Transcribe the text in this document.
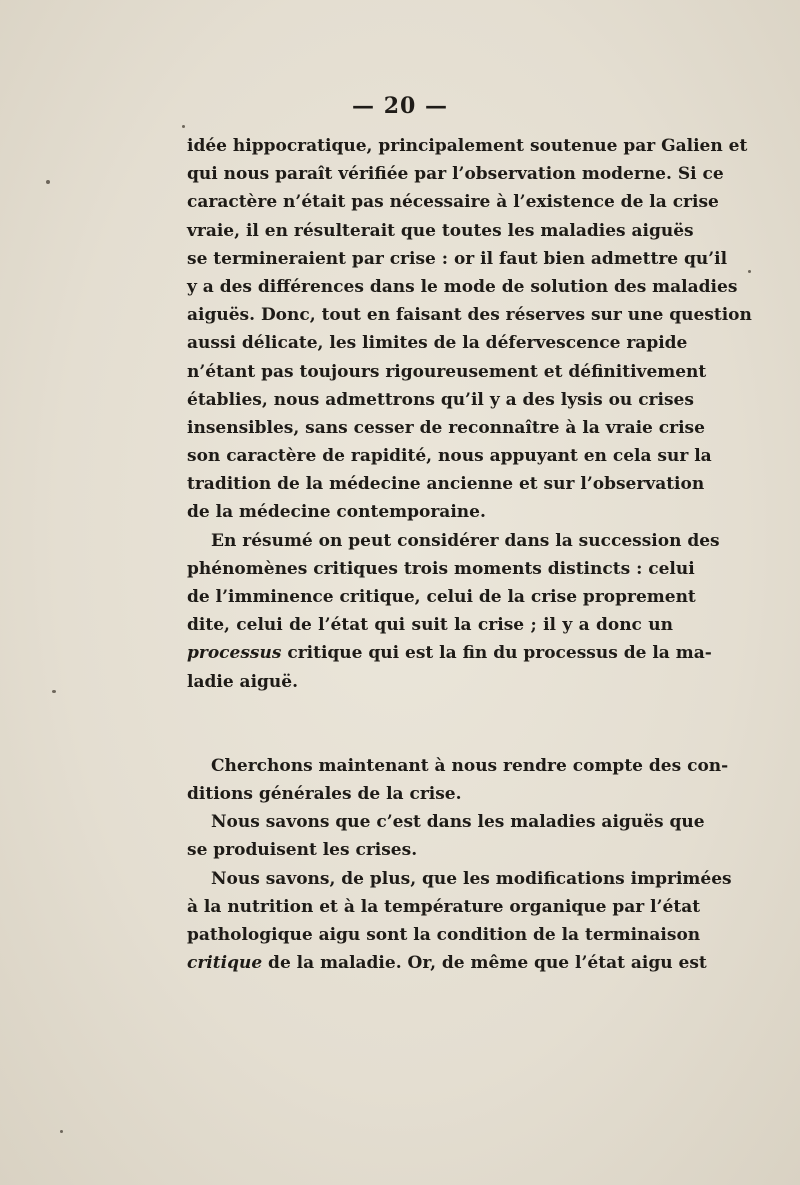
— 20 —
idée hippocratique, principalement soutenue par Galien et
qui nous paraît vérifiée par l’observation moderne. Si ce
caractère n’était pas nécessaire à l’existence de la crise
vraie, il en résulterait que toutes les maladies aiguës
se termineraient par crise : or il faut bien admettre qu’il
y a des différences dans le mode de solution des maladies
aiguës. Donc, tout en faisant des réserves sur une question
aussi délicate, les limites de la défervescence rapide
n’étant pas toujours rigoureusement et définitivement
établies, nous admettrons qu’il y a des lysis ou crises
insensibles, sans cesser de reconnaître à la vraie crise
son caractère de rapidité, nous appuyant en cela sur la
tradition de la médecine ancienne et sur l’observation
de la médecine contemporaine.
En résumé on peut considérer dans la succession des
phénomènes critiques trois moments distincts : celui
de l’imminence critique, celui de la crise proprement
dite, celui de l’état qui suit la crise ; il y a donc un
processus critique qui est la fin du processus de la ma-
ladie aiguë.
Cherchons maintenant à nous rendre compte des con-
ditions générales de la crise.
Nous savons que c’est dans les maladies aiguës que
se produisent les crises.
Nous savons, de plus, que les modifications imprimées
à la nutrition et à la température organique par l’état
pathologique aigu sont la condition de la terminaison
critique de la maladie. Or, de même que l’état aigu est
